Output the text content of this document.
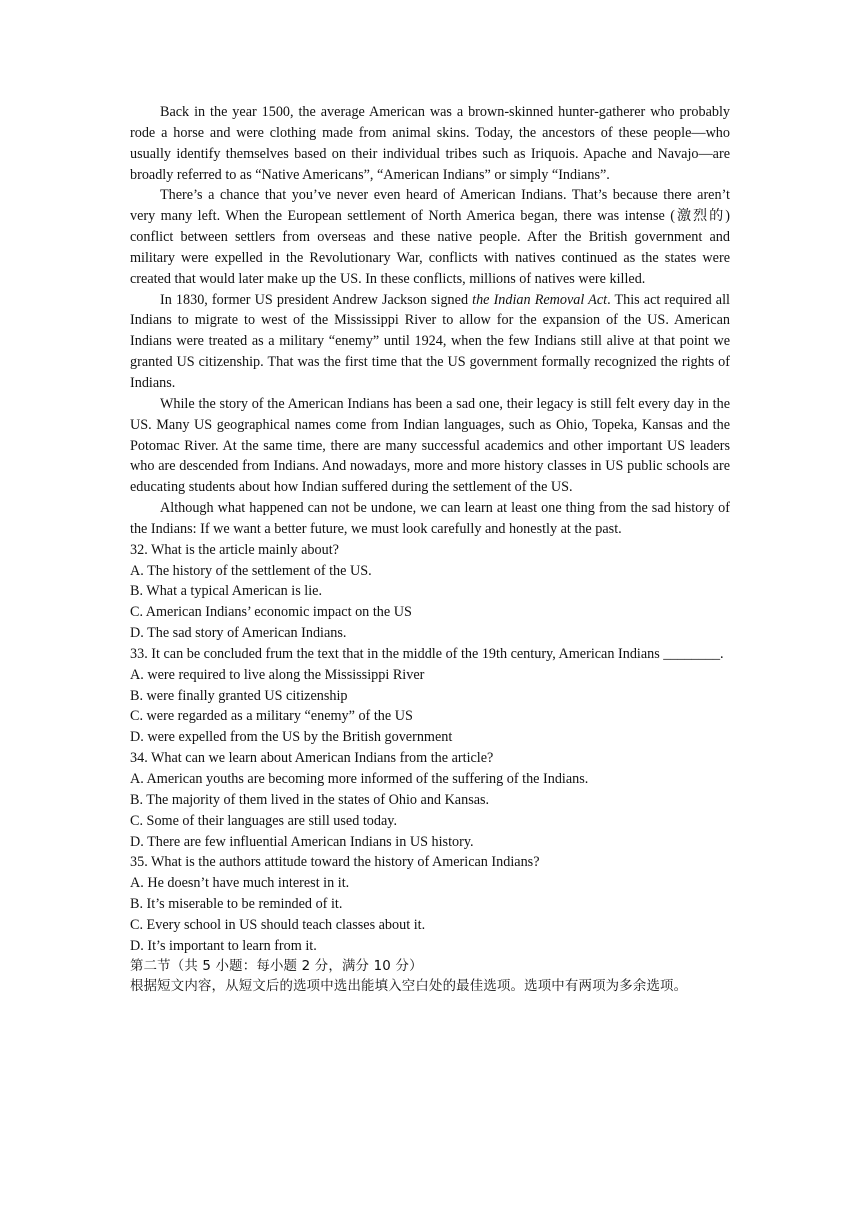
Back in the year 1500, the average American was a brown-skinned hunter-gatherer who probably rode a horse and were clothing made from animal skins. Today, the ancestors of these people—who usually identify themselves based on their individual tribes such as Iriquois. Apache and Navajo—are broadly referred to as “Native Americans”, “American Indians” or simply “Indians”.

There’s a chance that you’ve never even heard of American Indians. That’s because there aren’t very many left. When the European settlement of North America began, there was intense (激烈的) conflict between settlers from overseas and these native people. After the British government and military were expelled in the Revolutionary War, conflicts with natives continued as the states were created that would later make up the US. In these conflicts, millions of natives were killed.

In 1830, former US president Andrew Jackson signed the Indian Removal Act. This act required all Indians to migrate to west of the Mississippi River to allow for the expansion of the US. American Indians were treated as a military “enemy” until 1924, when the few Indians still alive at that point we granted US citizenship. That was the first time that the US government formally recognized the rights of Indians.

While the story of the American Indians has been a sad one, their legacy is still felt every day in the US. Many US geographical names come from Indian languages, such as Ohio, Topeka, Kansas and the Potomac River. At the same time, there are many successful academics and other important US leaders who are descended from Indians. And nowadays, more and more history classes in US public schools are educating students about how Indian suffered during the settlement of the US.

Although what happened can not be undone, we can learn at least one thing from the sad history of the Indians: If we want a better future, we must look carefully and honestly at the past.

32. What is the article mainly about?

A. The history of the settlement of the US.

B. What a typical American is lie.

C. American Indians’ economic impact on the US

D. The sad story of American Indians.

33. It can be concluded frum the text that in the middle of the 19th century, American Indians ________.

A. were required to live along the Mississippi River

B. were finally granted US citizenship

C. were regarded as a military “enemy” of the US

D. were expelled from the US by the British government

34. What can we learn about American Indians from the article?

A. American youths are becoming more informed of the suffering of the Indians.

B. The majority of them lived in the states of Ohio and Kansas.

C. Some of their languages are still used today.

D. There are few influential American Indians in US history.

35. What is the authors attitude toward the history of American Indians?

A. He doesn’t have much interest in it.

B. It’s miserable to be reminded of it.

C. Every school in US should teach classes about it.

D. It’s important to learn from it.

第二节（共 5 小题：每小题 2 分，满分 10 分）

根据短文内容，从短文后的选项中选出能填入空白处的最佳选项。选项中有两项为多余选项。
